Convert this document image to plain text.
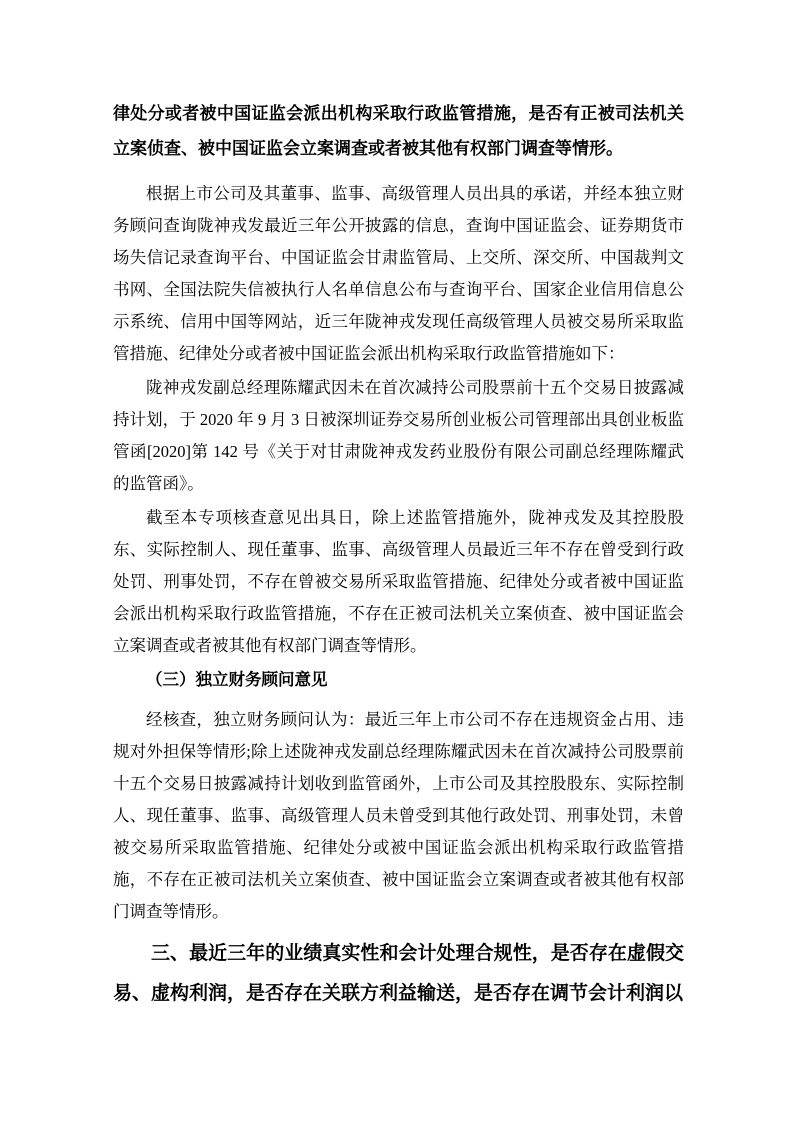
律处分或者被中国证监会派出机构采取行政监管措施，是否有正被司法机关立案侦查、被中国证监会立案调查或者被其他有权部门调查等情形。

根据上市公司及其董事、监事、高级管理人员出具的承诺，并经本独立财务顾问查询陇神戎发最近三年公开披露的信息，查询中国证监会、证券期货市场失信记录查询平台、中国证监会甘肃监管局、上交所、深交所、中国裁判文书网、全国法院失信被执行人名单信息公布与查询平台、国家企业信用信息公示系统、信用中国等网站，近三年陇神戎发现任高级管理人员被交易所采取监管措施、纪律处分或者被中国证监会派出机构采取行政监管措施如下：

陇神戎发副总经理陈耀武因未在首次减持公司股票前十五个交易日披露减持计划，于 2020 年 9 月 3 日被深圳证券交易所创业板公司管理部出具创业板监管函[2020]第 142 号《关于对甘肃陇神戎发药业股份有限公司副总经理陈耀武的监管函》。

截至本专项核查意见出具日，除上述监管措施外，陇神戎发及其控股股东、实际控制人、现任董事、监事、高级管理人员最近三年不存在曾受到行政处罚、刑事处罚，不存在曾被交易所采取监管措施、纪律处分或者被中国证监会派出机构采取行政监管措施，不存在正被司法机关立案侦查、被中国证监会立案调查或者被其他有权部门调查等情形。

（三）独立财务顾问意见

经核查，独立财务顾问认为：最近三年上市公司不存在违规资金占用、违规对外担保等情形;除上述陇神戎发副总经理陈耀武因未在首次减持公司股票前十五个交易日披露减持计划收到监管函外，上市公司及其控股股东、实际控制人、现任董事、监事、高级管理人员未曾受到其他行政处罚、刑事处罚，未曾被交易所采取监管措施、纪律处分或被中国证监会派出机构采取行政监管措施，不存在正被司法机关立案侦查、被中国证监会立案调查或者被其他有权部门调查等情形。

三、最近三年的业绩真实性和会计处理合规性，是否存在虚假交易、虚构利润，是否存在关联方利益输送，是否存在调节会计利润以
